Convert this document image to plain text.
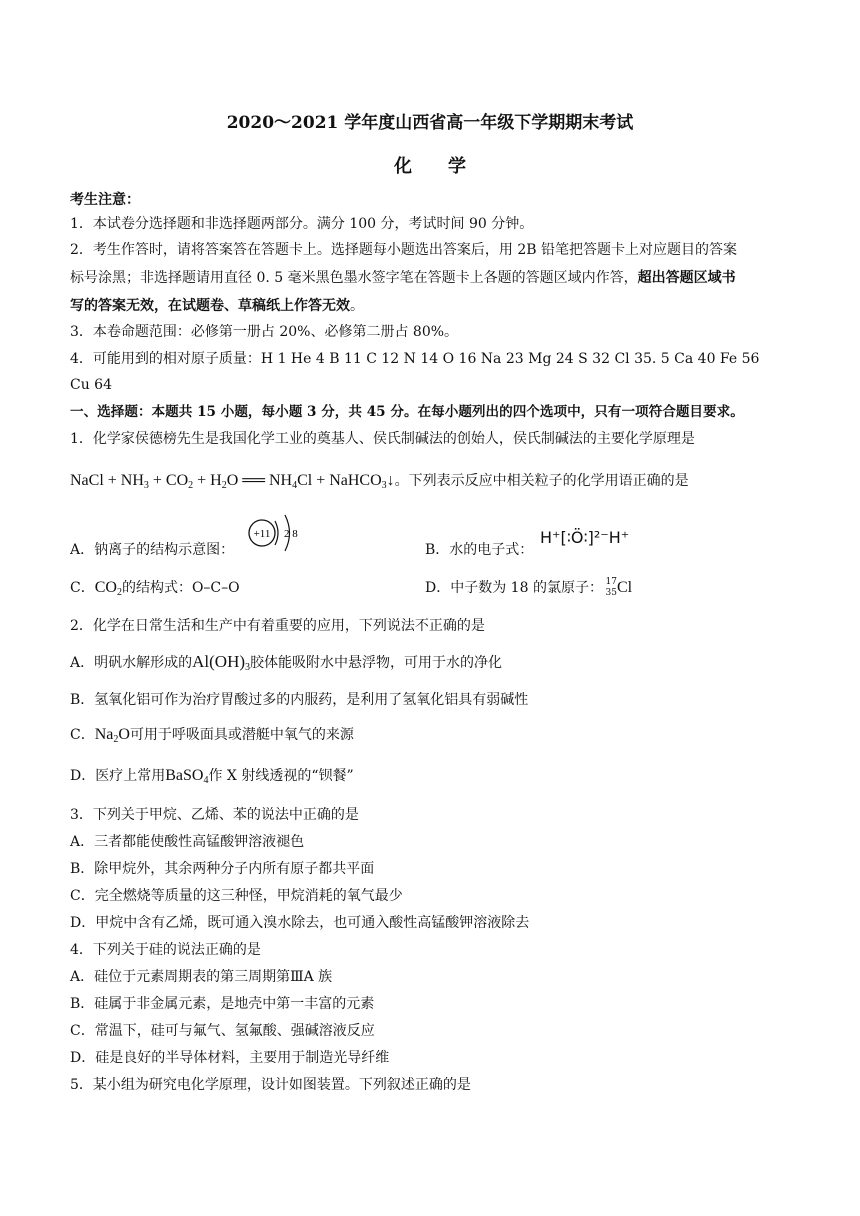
2020～2021 学年度山西省高一年级下学期期末考试
化　　学
考生注意：
1．本试卷分选择题和非选择题两部分。满分 100 分，考试时间 90 分钟。
2．考生作答时，请将答案答在答题卡上。选择题每小题选出答案后，用 2B 铅笔把答题卡上对应题目的答案
标号涂黑；非选择题请用直径 0. 5 毫米黑色墨水签字笔在答题卡上各题的答题区域内作答，超出答题区域书
写的答案无效，在试题卷、草稿纸上作答无效。
3．本卷命题范围：必修第一册占 20%、必修第二册占 80%。
4．可能用到的相对原子质量：H 1 He 4 B 11 C 12 N 14 O 16 Na 23 Mg 24 S 32 Cl 35. 5 Ca 40 Fe 56
Cu 64
一、选择题：本题共 15 小题，每小题 3 分，共 45 分。在每小题列出的四个选项中，只有一项符合题目要求。
1．化学家侯德榜先生是我国化学工业的奠基人、侯氏制碱法的创始人，侯氏制碱法的主要化学原理是
NaCl + $NH_3 + CO_2 + H_2O$ ══ $NH_4Cl$ + NaHCO$_3$↓。下列表示反应中相关粒子的化学用语正确的是
A．钠离子的结构示意图：
+11 2 8
B．水的电子式：
H⁺[∶Ö∶]²⁻H⁺
C．$CO_2$的结构式：O–C–O	D．中子数为 18 的氯原子： 17
35 Cl
2．化学在日常生活和生产中有着重要的应用，下列说法不正确的是
A．明矾水解形成的$Al(OH)_3$胶体能吸附水中悬浮物，可用于水的净化
B．氢氧化铝可作为治疗胃酸过多的内服药，是利用了氢氧化铝具有弱碱性
C．$Na_2O$可用于呼吸面具或潜艇中氧气的来源
D．医疗上常用BaSO$_4$作 X 射线透视的“钡餐”
3．下列关于甲烷、乙烯、苯的说法中正确的是
A．三者都能使酸性高锰酸钾溶液褪色
B．除甲烷外，其余两种分子内所有原子都共平面
C．完全燃烧等质量的这三种怪，甲烷消耗的氧气最少
D．甲烷中含有乙烯，既可通入溴水除去，也可通入酸性高锰酸钾溶液除去
4．下列关于硅的说法正确的是
A．硅位于元素周期表的第三周期第ⅢA 族
B．硅属于非金属元素，是地壳中第一丰富的元素
C．常温下，硅可与氟气、氢氟酸、强碱溶液反应
D．硅是良好的半导体材料，主要用于制造光导纤维
5．某小组为研究电化学原理，设计如图装置。下列叙述正确的是
